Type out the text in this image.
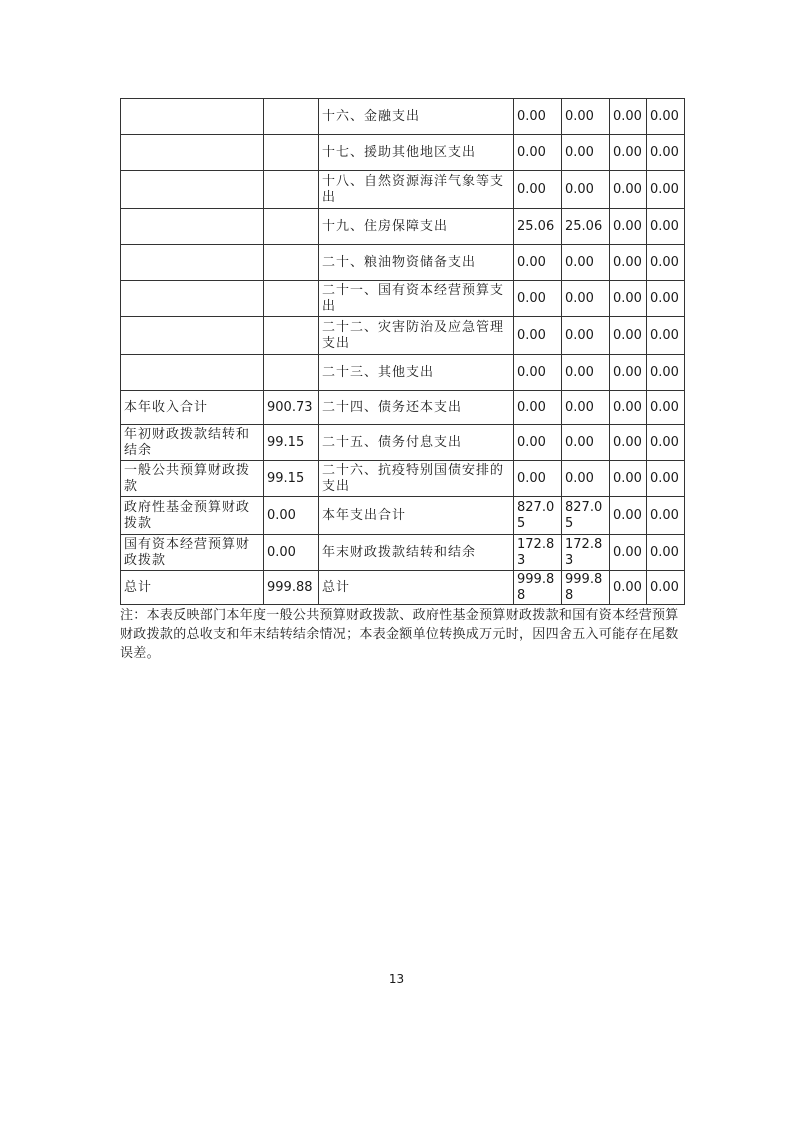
		十六、金融支出	0.00	0.00	0.00	0.00
		十七、援助其他地区支出	0.00	0.00	0.00	0.00
		十八、自然资源海洋气象等支出	0.00	0.00	0.00	0.00
		十九、住房保障支出	25.06	25.06	0.00	0.00
		二十、粮油物资储备支出	0.00	0.00	0.00	0.00
		二十一、国有资本经营预算支出	0.00	0.00	0.00	0.00
		二十二、灾害防治及应急管理支出	0.00	0.00	0.00	0.00
		二十三、其他支出	0.00	0.00	0.00	0.00
本年收入合计	900.73	二十四、债务还本支出	0.00	0.00	0.00	0.00
年初财政拨款结转和结余	99.15	二十五、债务付息支出	0.00	0.00	0.00	0.00
一般公共预算财政拨款	99.15	二十六、抗疫特别国债安排的支出	0.00	0.00	0.00	0.00
政府性基金预算财政拨款	0.00	本年支出合计	827.05	827.05	0.00	0.00
国有资本经营预算财政拨款	0.00	年末财政拨款结转和结余	172.83	172.83	0.00	0.00
总计	999.88	总计	999.88	999.88	0.00	0.00

注：本表反映部门本年度一般公共预算财政拨款、政府性基金预算财政拨款和国有资本经营预算财政拨款的总收支和年末结转结余情况；本表金额单位转换成万元时，因四舍五入可能存在尾数误差。

13
